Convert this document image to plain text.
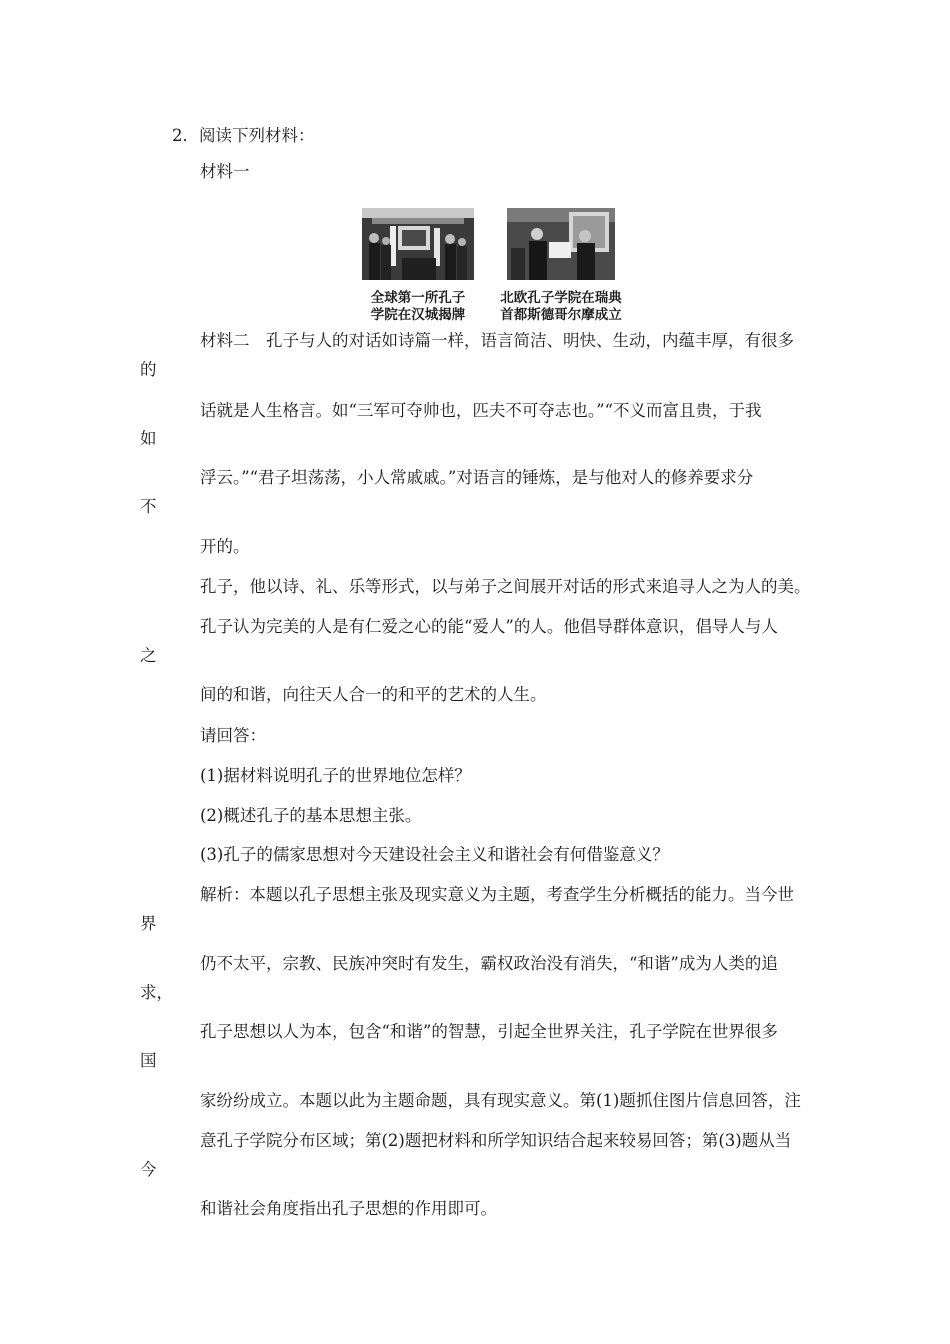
2．阅读下列材料：
材料一
全球第一所孔子
学院在汉城揭牌
北欧孔子学院在瑞典
首都斯德哥尔摩成立
材料二　孔子与人的对话如诗篇一样，语言简洁、明快、生动，内蕴丰厚，有很多
的
话就是人生格言。如“三军可夺帅也，匹夫不可夺志也。”“不义而富且贵，于我
如
浮云。”“君子坦荡荡，小人常戚戚。”对语言的锤炼，是与他对人的修养要求分
不
开的。
孔子，他以诗、礼、乐等形式，以与弟子之间展开对话的形式来追寻人之为人的美。
孔子认为完美的人是有仁爱之心的能“爱人”的人。他倡导群体意识，倡导人与人
之
间的和谐，向往天人合一的和平的艺术的人生。
请回答：
(1)据材料说明孔子的世界地位怎样？
(2)概述孔子的基本思想主张。
(3)孔子的儒家思想对今天建设社会主义和谐社会有何借鉴意义？
解析：本题以孔子思想主张及现实意义为主题，考查学生分析概括的能力。当今世
界
仍不太平，宗教、民族冲突时有发生，霸权政治没有消失，“和谐”成为人类的追
求，
孔子思想以人为本，包含“和谐”的智慧，引起全世界关注，孔子学院在世界很多
国
家纷纷成立。本题以此为主题命题，具有现实意义。第(1)题抓住图片信息回答，注
意孔子学院分布区域；第(2)题把材料和所学知识结合起来较易回答；第(3)题从当
今
和谐社会角度指出孔子思想的作用即可。
